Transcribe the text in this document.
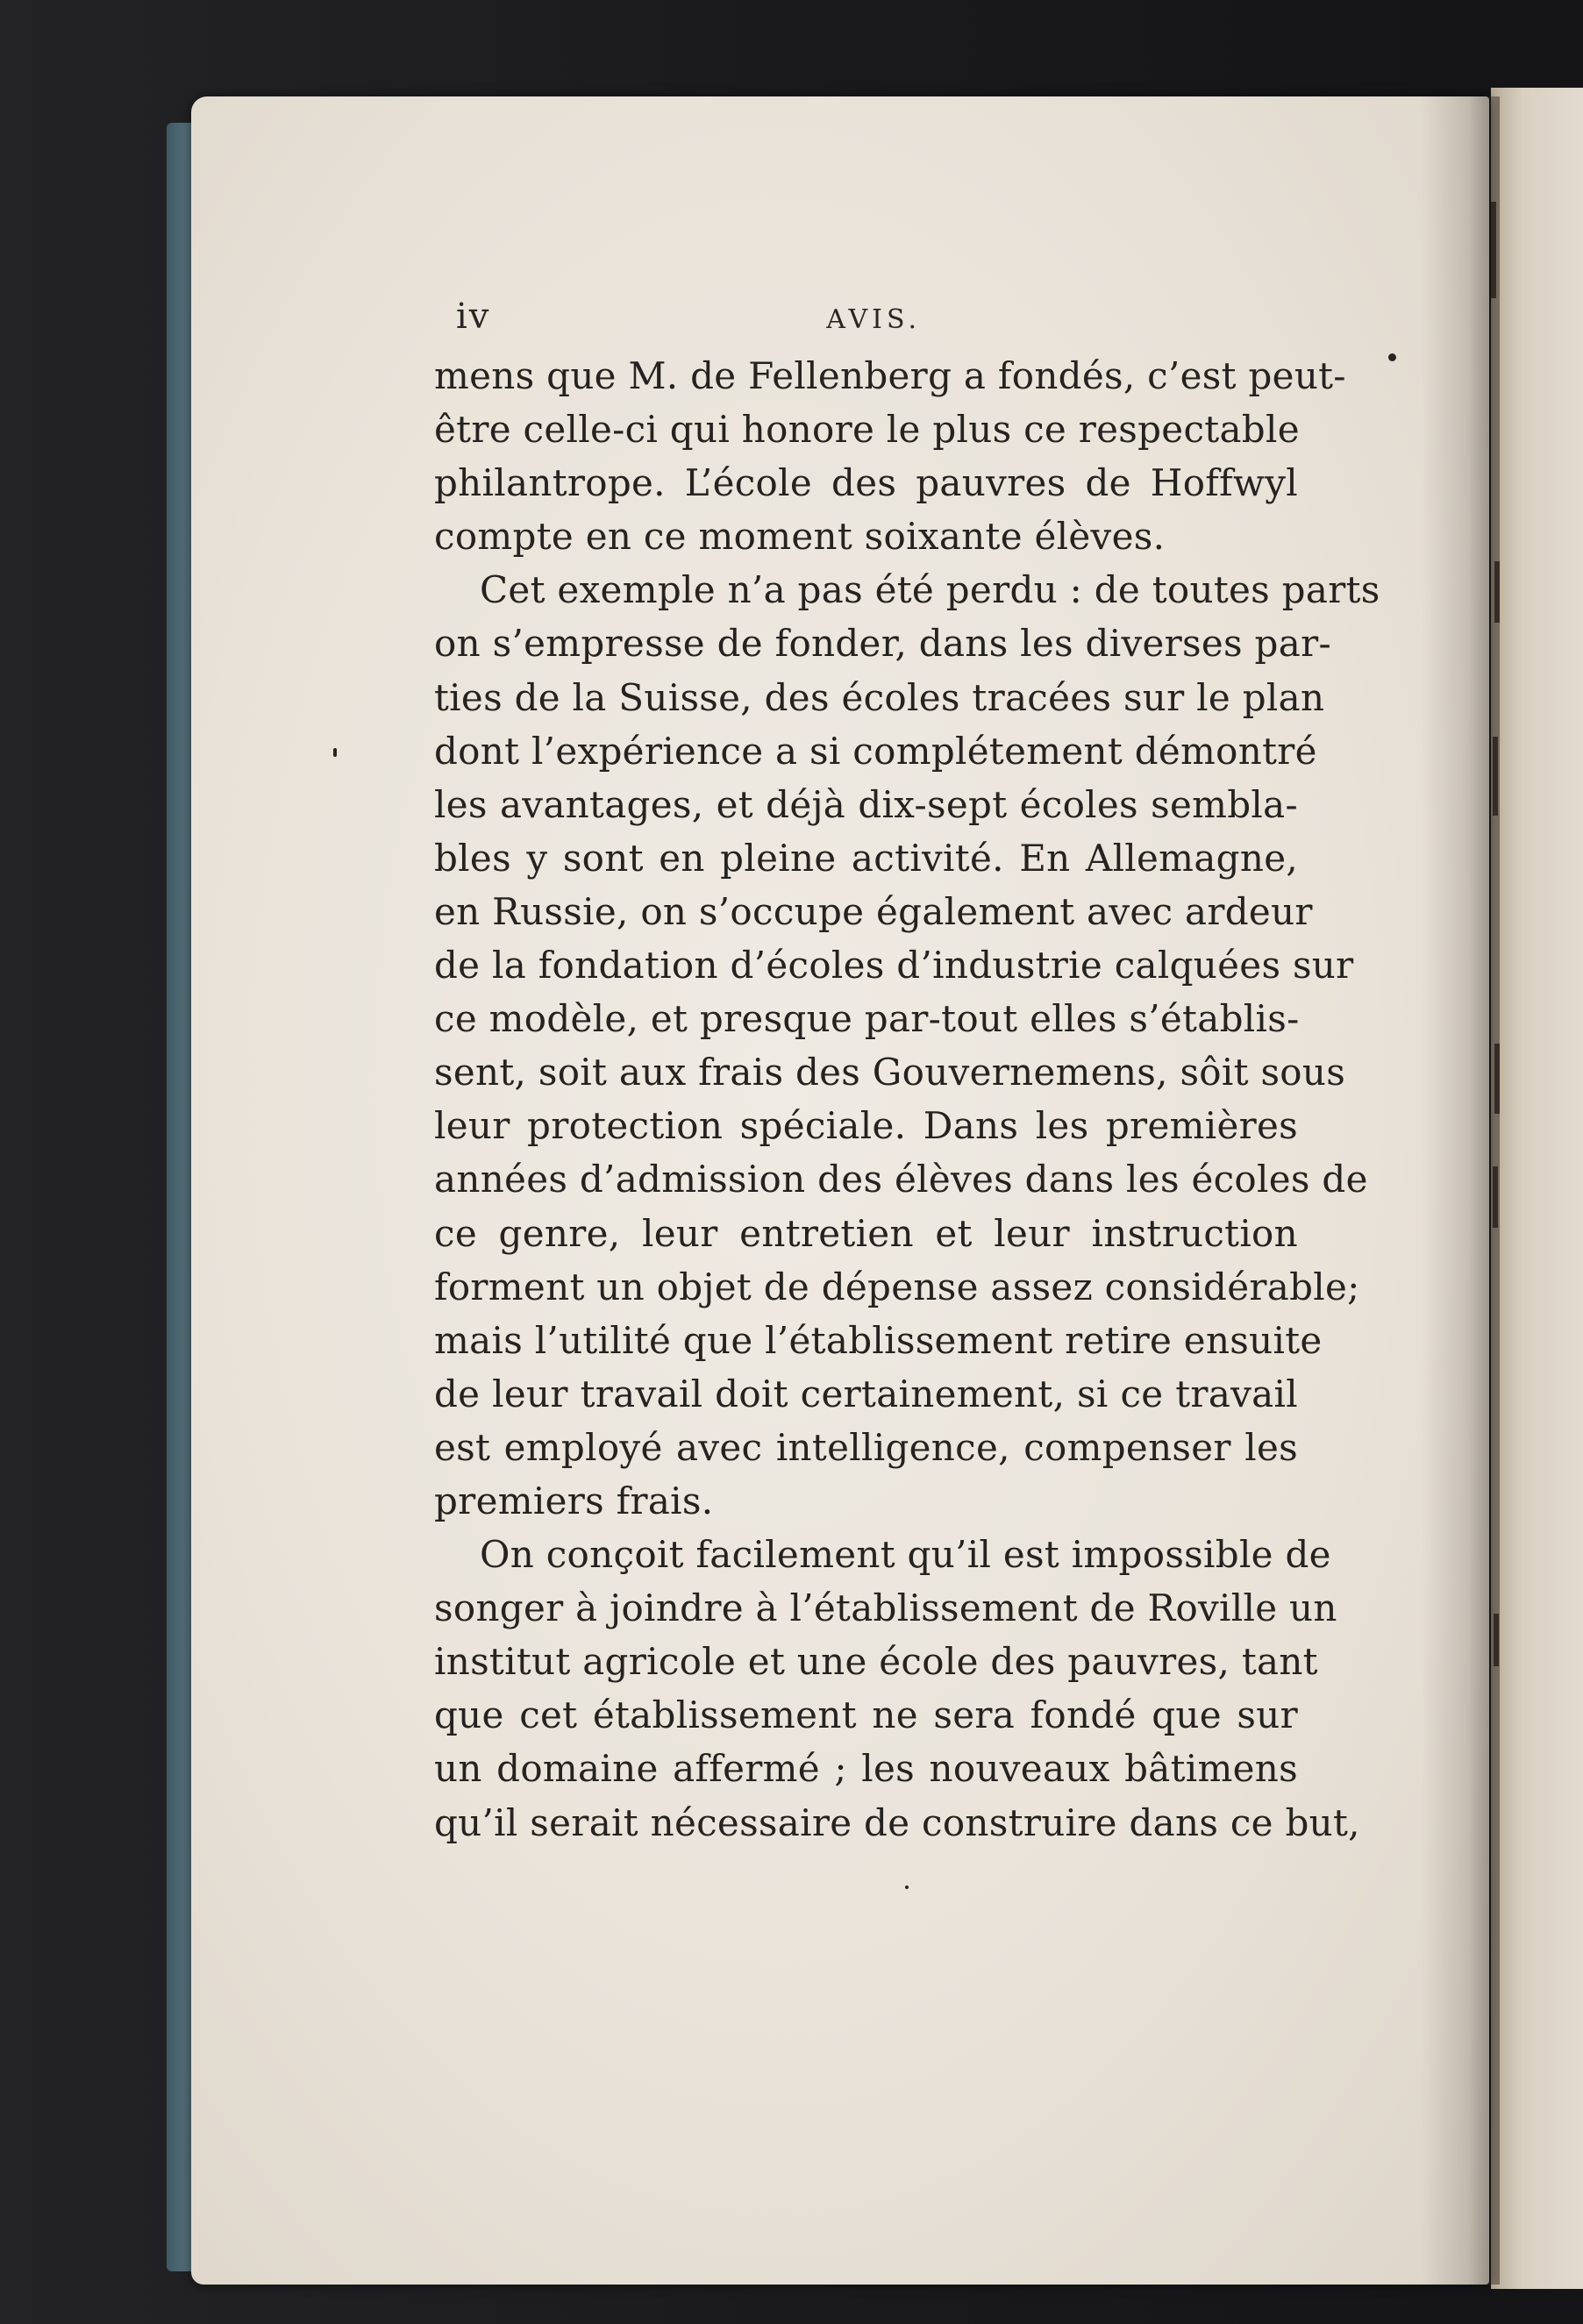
iv	AVIS.
mens que M. de Fellenberg a fondés, c’est peut-
être celle-ci qui honore le plus ce respectable
philantrope. L’école des pauvres de Hoffwyl
compte en ce moment soixante élèves.
Cet exemple n’a pas été perdu : de toutes parts
on s’empresse de fonder, dans les diverses par-
ties de la Suisse, des écoles tracées sur le plan
dont l’expérience a si complétement démontré
les avantages, et déjà dix-sept écoles sembla-
bles y sont en pleine activité. En Allemagne,
en Russie, on s’occupe également avec ardeur
de la fondation d’écoles d’industrie calquées sur
ce modèle, et presque par-tout elles s’établis-
sent, soit aux frais des Gouvernemens, sôit sous
leur protection spéciale. Dans les premières
années d’admission des élèves dans les écoles de
ce genre, leur entretien et leur instruction
forment un objet de dépense assez considérable;
mais l’utilité que l’établissement retire ensuite
de leur travail doit certainement, si ce travail
est employé avec intelligence, compenser les
premiers frais.
On conçoit facilement qu’il est impossible de
songer à joindre à l’établissement de Roville un
institut agricole et une école des pauvres, tant
que cet établissement ne sera fondé que sur
un domaine affermé ; les nouveaux bâtimens
qu’il serait nécessaire de construire dans ce but,
